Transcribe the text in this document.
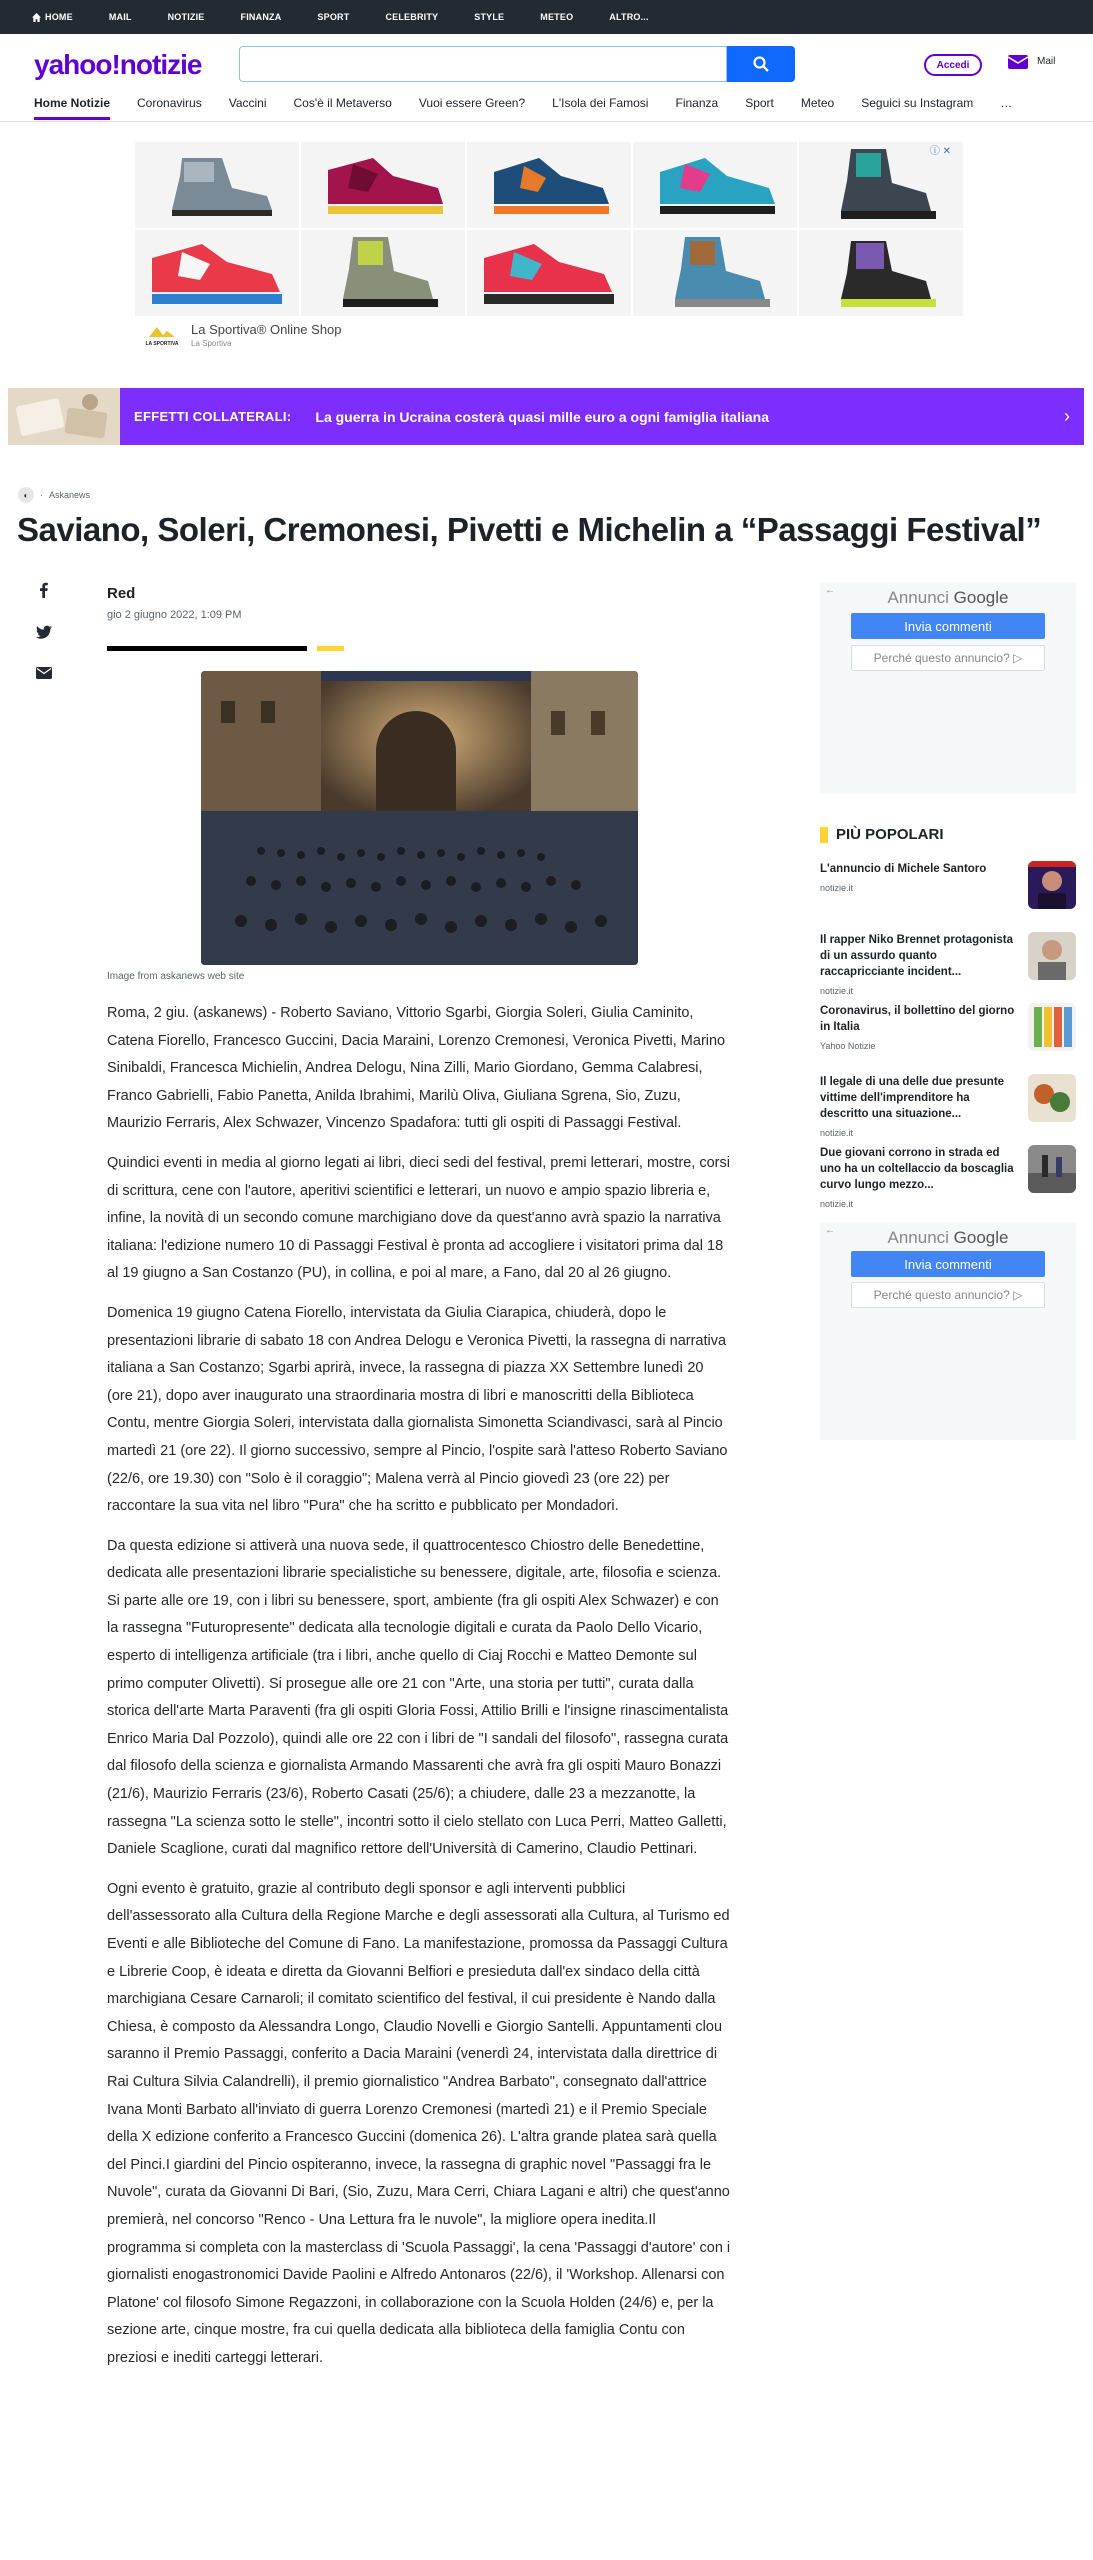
HOME	MAIL	NOTIZIE	FINANZA	SPORT	CELEBRITY	STYLE	METEO	ALTRO...
yahoo!notizie	Accedi	Mail
Home Notizie Coronavirus Vaccini Cos'è il Metaverso Vuoi essere Green? L'Isola dei Famosi Finanza Sport Meteo Seguici su Instagram …
ⓘ ✕
LA SPORTIVA
La Sportiva® Online Shop
La Sportiva
EFFETTI COLLATERALI: La guerra in Ucraina costerà quasi mille euro a ogni famiglia italiana	›
◐	· Askanews
Saviano, Soleri, Cremonesi, Pivetti e Michelin a “Passaggi Festival”
Red
gio 2 giugno 2022, 1:09 PM
Image from askanews web site

Roma, 2 giu. (askanews) - Roberto Saviano, Vittorio Sgarbi, Giorgia Soleri, Giulia Caminito, Catena Fiorello, Francesco Guccini, Dacia Maraini, Lorenzo Cremonesi, Veronica Pivetti, Marino Sinibaldi, Francesca Michielin, Andrea Delogu, Nina Zilli, Mario Giordano, Gemma Calabresi, Franco Gabrielli, Fabio Panetta, Anilda Ibrahimi, Marilù Oliva, Giuliana Sgrena, Sio, Zuzu, Maurizio Ferraris, Alex Schwazer, Vincenzo Spadafora: tutti gli ospiti di Passaggi Festival.

Quindici eventi in media al giorno legati ai libri, dieci sedi del festival, premi letterari, mostre, corsi di scrittura, cene con l'autore, aperitivi scientifici e letterari, un nuovo e ampio spazio libreria e, infine, la novità di un secondo comune marchigiano dove da quest'anno avrà spazio la narrativa italiana: l'edizione numero 10 di Passaggi Festival è pronta ad accogliere i visitatori prima dal 18 al 19 giugno a San Costanzo (PU), in collina, e poi al mare, a Fano, dal 20 al 26 giugno.

Domenica 19 giugno Catena Fiorello, intervistata da Giulia Ciarapica, chiuderà, dopo le presentazioni librarie di sabato 18 con Andrea Delogu e Veronica Pivetti, la rassegna di narrativa italiana a San Costanzo; Sgarbi aprirà, invece, la rassegna di piazza XX Settembre lunedì 20 (ore 21), dopo aver inaugurato una straordinaria mostra di libri e manoscritti della Biblioteca Contu, mentre Giorgia Soleri, intervistata dalla giornalista Simonetta Sciandivasci, sarà al Pincio martedì 21 (ore 22). Il giorno successivo, sempre al Pincio, l'ospite sarà l'atteso Roberto Saviano (22/6, ore 19.30) con "Solo è il coraggio"; Malena verrà al Pincio giovedì 23 (ore 22) per raccontare la sua vita nel libro "Pura" che ha scritto e pubblicato per Mondadori.

Da questa edizione si attiverà una nuova sede, il quattrocentesco Chiostro delle Benedettine, dedicata alle presentazioni librarie specialistiche su benessere, digitale, arte, filosofia e scienza. Si parte alle ore 19, con i libri su benessere, sport, ambiente (fra gli ospiti Alex Schwazer) e con la rassegna "Futuropresente" dedicata alla tecnologie digitali e curata da Paolo Dello Vicario, esperto di intelligenza artificiale (tra i libri, anche quello di Ciaj Rocchi e Matteo Demonte sul primo computer Olivetti). Si prosegue alle ore 21 con "Arte, una storia per tutti", curata dalla storica dell'arte Marta Paraventi (fra gli ospiti Gloria Fossi, Attilio Brilli e l'insigne rinascimentalista Enrico Maria Dal Pozzolo), quindi alle ore 22 con i libri de "I sandali del filosofo", rassegna curata dal filosofo della scienza e giornalista Armando Massarenti che avrà fra gli ospiti Mauro Bonazzi (21/6), Maurizio Ferraris (23/6), Roberto Casati (25/6); a chiudere, dalle 23 a mezzanotte, la rassegna "La scienza sotto le stelle", incontri sotto il cielo stellato con Luca Perri, Matteo Galletti, Daniele Scaglione, curati dal magnifico rettore dell'Università di Camerino, Claudio Pettinari.

Ogni evento è gratuito, grazie al contributo degli sponsor e agli interventi pubblici dell'assessorato alla Cultura della Regione Marche e degli assessorati alla Cultura, al Turismo ed Eventi e alle Biblioteche del Comune di Fano. La manifestazione, promossa da Passaggi Cultura e Librerie Coop, è ideata e diretta da Giovanni Belfiori e presieduta dall'ex sindaco della città marchigiana Cesare Carnaroli; il comitato scientifico del festival, il cui presidente è Nando dalla Chiesa, è composto da Alessandra Longo, Claudio Novelli e Giorgio Santelli. Appuntamenti clou saranno il Premio Passaggi, conferito a Dacia Maraini (venerdì 24, intervistata dalla direttrice di Rai Cultura Silvia Calandrelli), il premio giornalistico "Andrea Barbato", consegnato dall'attrice Ivana Monti Barbato all'inviato di guerra Lorenzo Cremonesi (martedì 21) e il Premio Speciale della X edizione conferito a Francesco Guccini (domenica 26). L'altra grande platea sarà quella del Pinci.I giardini del Pincio ospiteranno, invece, la rassegna di graphic novel "Passaggi fra le Nuvole", curata da Giovanni Di Bari, (Sio, Zuzu, Mara Cerri, Chiara Lagani e altri) che quest'anno premierà, nel concorso "Renco - Una Lettura fra le nuvole", la migliore opera inedita.Il programma si completa con la masterclass di 'Scuola Passaggi', la cena 'Passaggi d'autore' con i giornalisti enogastronomici Davide Paolini e Alfredo Antonaros (22/6), il 'Workshop. Allenarsi con Platone' col filosofo Simone Regazzoni, in collaborazione con la Scuola Holden (24/6) e, per la sezione arte, cinque mostre, fra cui quella dedicata alla biblioteca della famiglia Contu con preziosi e inediti carteggi letterari.

←	Annunci Google
Invia commenti
Perché questo annuncio? ▷
PIÙ POPOLARI
L'annuncio di Michele Santoro
notizie.it
Il rapper Niko Brennet protagonista di un assurdo quanto raccapricciante incident...
notizie.it
Coronavirus, il bollettino del giorno in Italia
Yahoo Notizie
Il legale di una delle due presunte vittime dell'imprenditore ha descritto una situazione...
notizie.it
Due giovani corrono in strada ed uno ha un coltellaccio da boscaglia curvo lungo mezzo...
notizie.it
←	Annunci Google
Invia commenti
Perché questo annuncio? ▷
